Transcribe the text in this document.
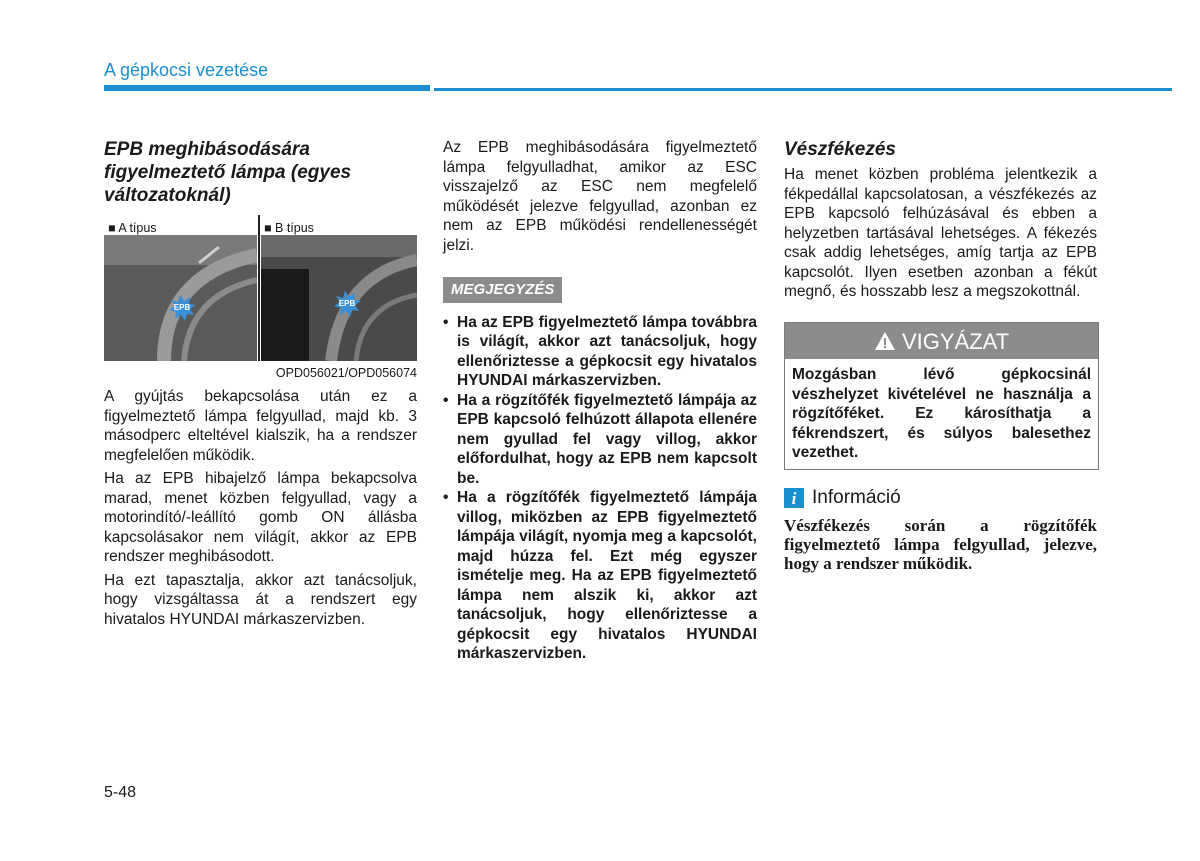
A gépkocsi vezetése
EPB meghibásodására figyelmeztető lámpa (egyes változatoknál)
■ A típus	■ B típus
EPB	EPB
OPD056021/OPD056074

A gyújtás bekapcsolása után ez a figyelmeztető lámpa felgyullad, majd kb. 3 másodperc elteltével kialszik, ha a rendszer megfelelően működik.

Ha az EPB hibajelző lámpa bekapcsolva marad, menet közben felgyullad, vagy a motorindító/-leállító gomb ON állásba kapcsolásakor nem világít, akkor az EPB rendszer meghibásodott.

Ha ezt tapasztalja, akkor azt tanácsoljuk, hogy vizsgáltassa át a rendszert egy hivatalos HYUNDAI márkaszervizben.

Az EPB meghibásodására figyelmeztető lámpa felgyulladhat, amikor az ESC visszajelző az ESC nem megfelelő működését jelezve felgyullad, azonban ez nem az EPB működési rendellenességét jelzi.

MEGJEGYZÉS
• Ha az EPB figyelmeztető lámpa továbbra is világít, akkor azt tanácsoljuk, hogy ellenőriztesse a gépkocsit egy hivatalos HYUNDAI márkaszervizben.
• Ha a rögzítőfék figyelmeztető lámpája az EPB kapcsoló felhúzott állapota ellenére nem gyullad fel vagy villog, akkor előfordulhat, hogy az EPB nem kapcsolt be.
• Ha a rögzítőfék figyelmeztető lámpája villog, miközben az EPB figyelmeztető lámpája világít, nyomja meg a kapcsolót, majd húzza fel. Ezt még egyszer ismételje meg. Ha az EPB figyelmeztető lámpa nem alszik ki, akkor azt tanácsoljuk, hogy ellenőriztesse a gépkocsit egy hivatalos HYUNDAI márkaszervizben.
Vészfékezés

Ha menet közben probléma jelentkezik a fékpedállal kapcsolatosan, a vészfékezés az EPB kapcsoló felhúzásával és ebben a helyzetben tartásával lehetséges. A fékezés csak addig lehetséges, amíg tartja az EPB kapcsolót. Ilyen esetben azonban a fékút megnő, és hosszabb lesz a megszokottnál.

VIGYÁZAT
Mozgásban lévő gépkocsinál vészhelyzet kivételével ne használja a rögzítőféket. Ez károsíthatja a fékrendszert, és súlyos balesethez vezethet.
i Információ
Vészfékezés során a rögzítőfék figyelmeztető lámpa felgyullad, jelezve, hogy a rendszer működik.
5-48
